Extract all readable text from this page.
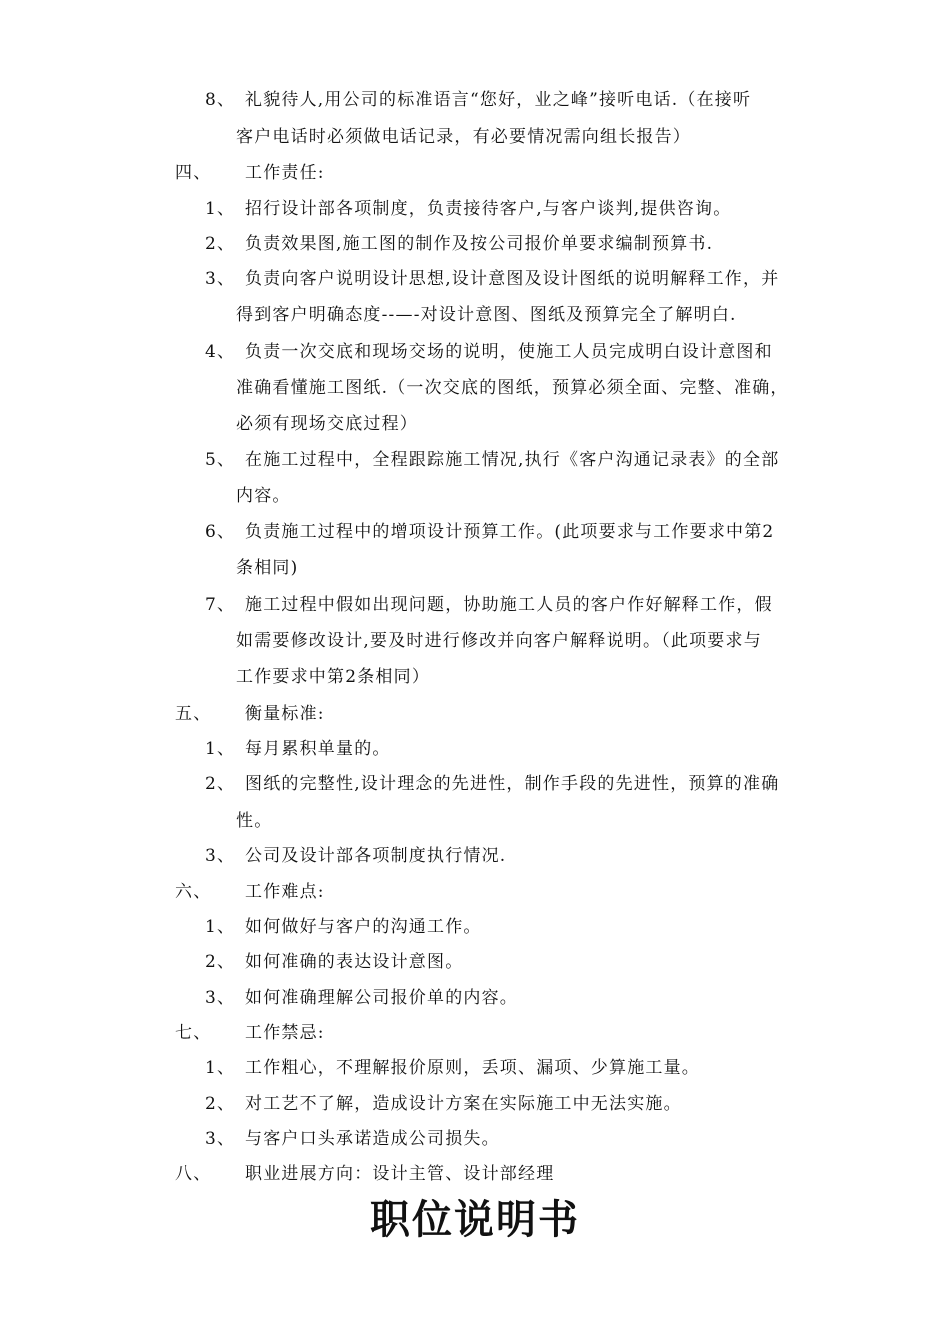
8、 礼貌待人,用公司的标准语言“您好，业之峰”接听电话.（在接听
客户电话时必须做电话记录，有必要情况需向组长报告）
四、 工作责任:
1、 招行设计部各项制度，负责接待客户,与客户谈判,提供咨询。
2、 负责效果图,施工图的制作及按公司报价单要求编制预算书.
3、 负责向客户说明设计思想,设计意图及设计图纸的说明解释工作，并
得到客户明确态度--—-对设计意图、图纸及预算完全了解明白.
4、 负责一次交底和现场交场的说明，使施工人员完成明白设计意图和
准确看懂施工图纸.（一次交底的图纸，预算必须全面、完整、准确，
必须有现场交底过程）
5、 在施工过程中，全程跟踪施工情况,执行《客户沟通记录表》的全部
内容。
6、 负责施工过程中的增项设计预算工作。(此项要求与工作要求中第2
条相同)
7、 施工过程中假如出现问题，协助施工人员的客户作好解释工作，假
如需要修改设计,要及时进行修改并向客户解释说明。（此项要求与
工作要求中第2条相同）
五、 衡量标准:
1、 每月累积单量的。
2、 图纸的完整性,设计理念的先进性，制作手段的先进性，预算的准确
性。
3、 公司及设计部各项制度执行情况.
六、 工作难点:
1、 如何做好与客户的沟通工作。
2、 如何准确的表达设计意图。
3、 如何准确理解公司报价单的内容。
七、 工作禁忌:
1、 工作粗心，不理解报价原则，丢项、漏项、少算施工量。
2、 对工艺不了解，造成设计方案在实际施工中无法实施。
3、 与客户口头承诺造成公司损失。
八、 职业进展方向：设计主管、设计部经理
职位说明书
